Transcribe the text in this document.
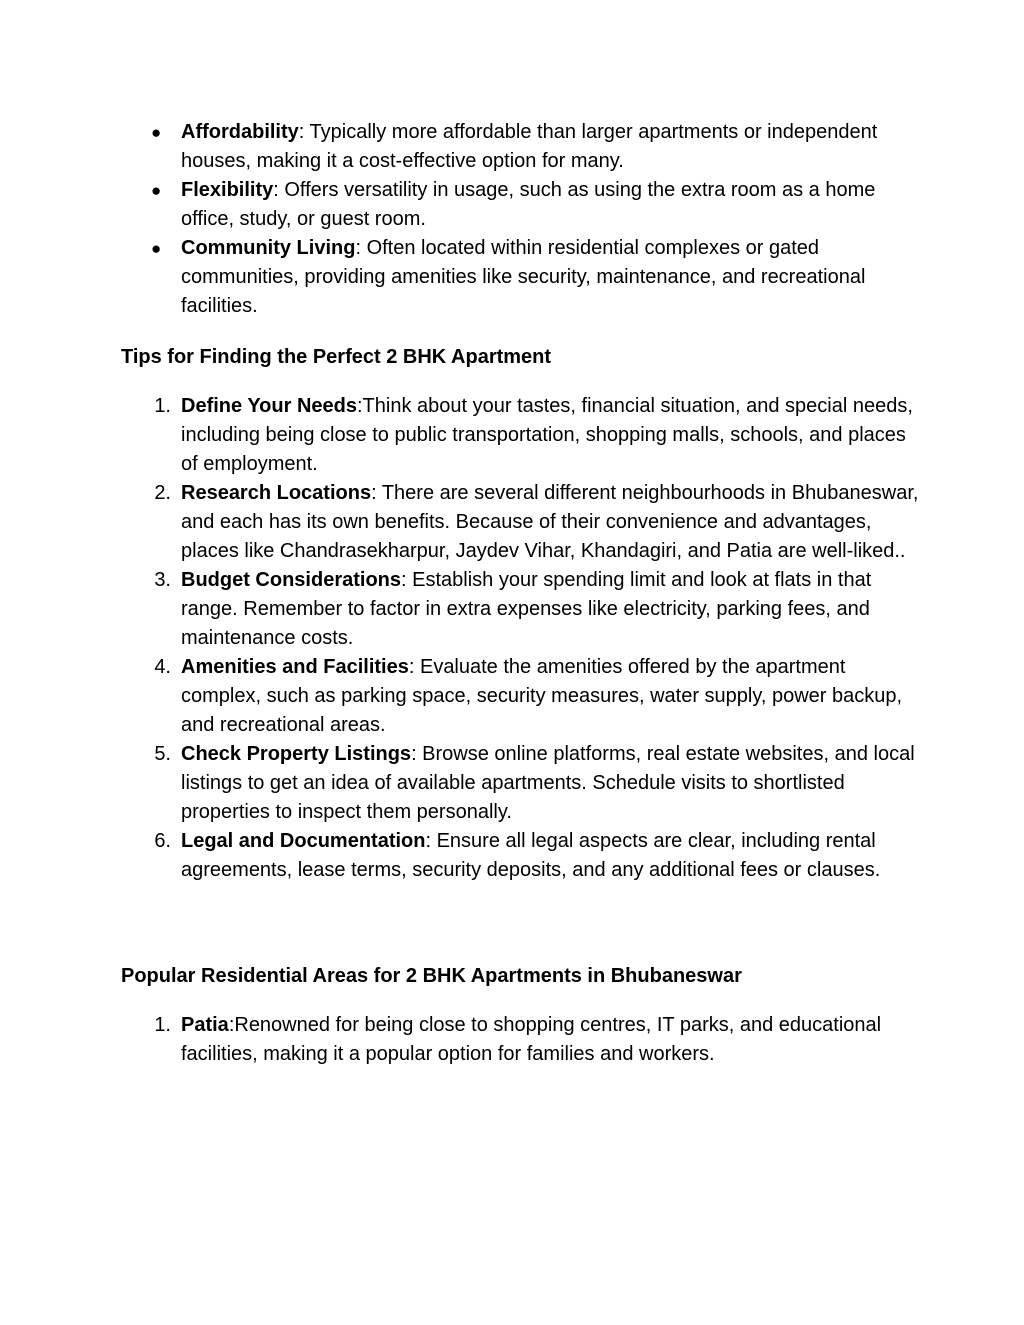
● Affordability: Typically more affordable than larger apartments or independent houses, making it a cost-effective option for many.
● Flexibility: Offers versatility in usage, such as using the extra room as a home office, study, or guest room.
● Community Living: Often located within residential complexes or gated communities, providing amenities like security, maintenance, and recreational facilities.
Tips for Finding the Perfect 2 BHK Apartment
1. Define Your Needs:Think about your tastes, financial situation, and special needs, including being close to public transportation, shopping malls, schools, and places of employment.
2. Research Locations: There are several different neighbourhoods in Bhubaneswar, and each has its own benefits. Because of their convenience and advantages, places like Chandrasekharpur, Jaydev Vihar, Khandagiri, and Patia are well-liked..
3. Budget Considerations: Establish your spending limit and look at flats in that range. Remember to factor in extra expenses like electricity, parking fees, and maintenance costs.
4. Amenities and Facilities: Evaluate the amenities offered by the apartment complex, such as parking space, security measures, water supply, power backup, and recreational areas.
5. Check Property Listings: Browse online platforms, real estate websites, and local listings to get an idea of available apartments. Schedule visits to shortlisted properties to inspect them personally.
6. Legal and Documentation: Ensure all legal aspects are clear, including rental agreements, lease terms, security deposits, and any additional fees or clauses.
Popular Residential Areas for 2 BHK Apartments in Bhubaneswar
1. Patia:Renowned for being close to shopping centres, IT parks, and educational facilities, making it a popular option for families and workers.
